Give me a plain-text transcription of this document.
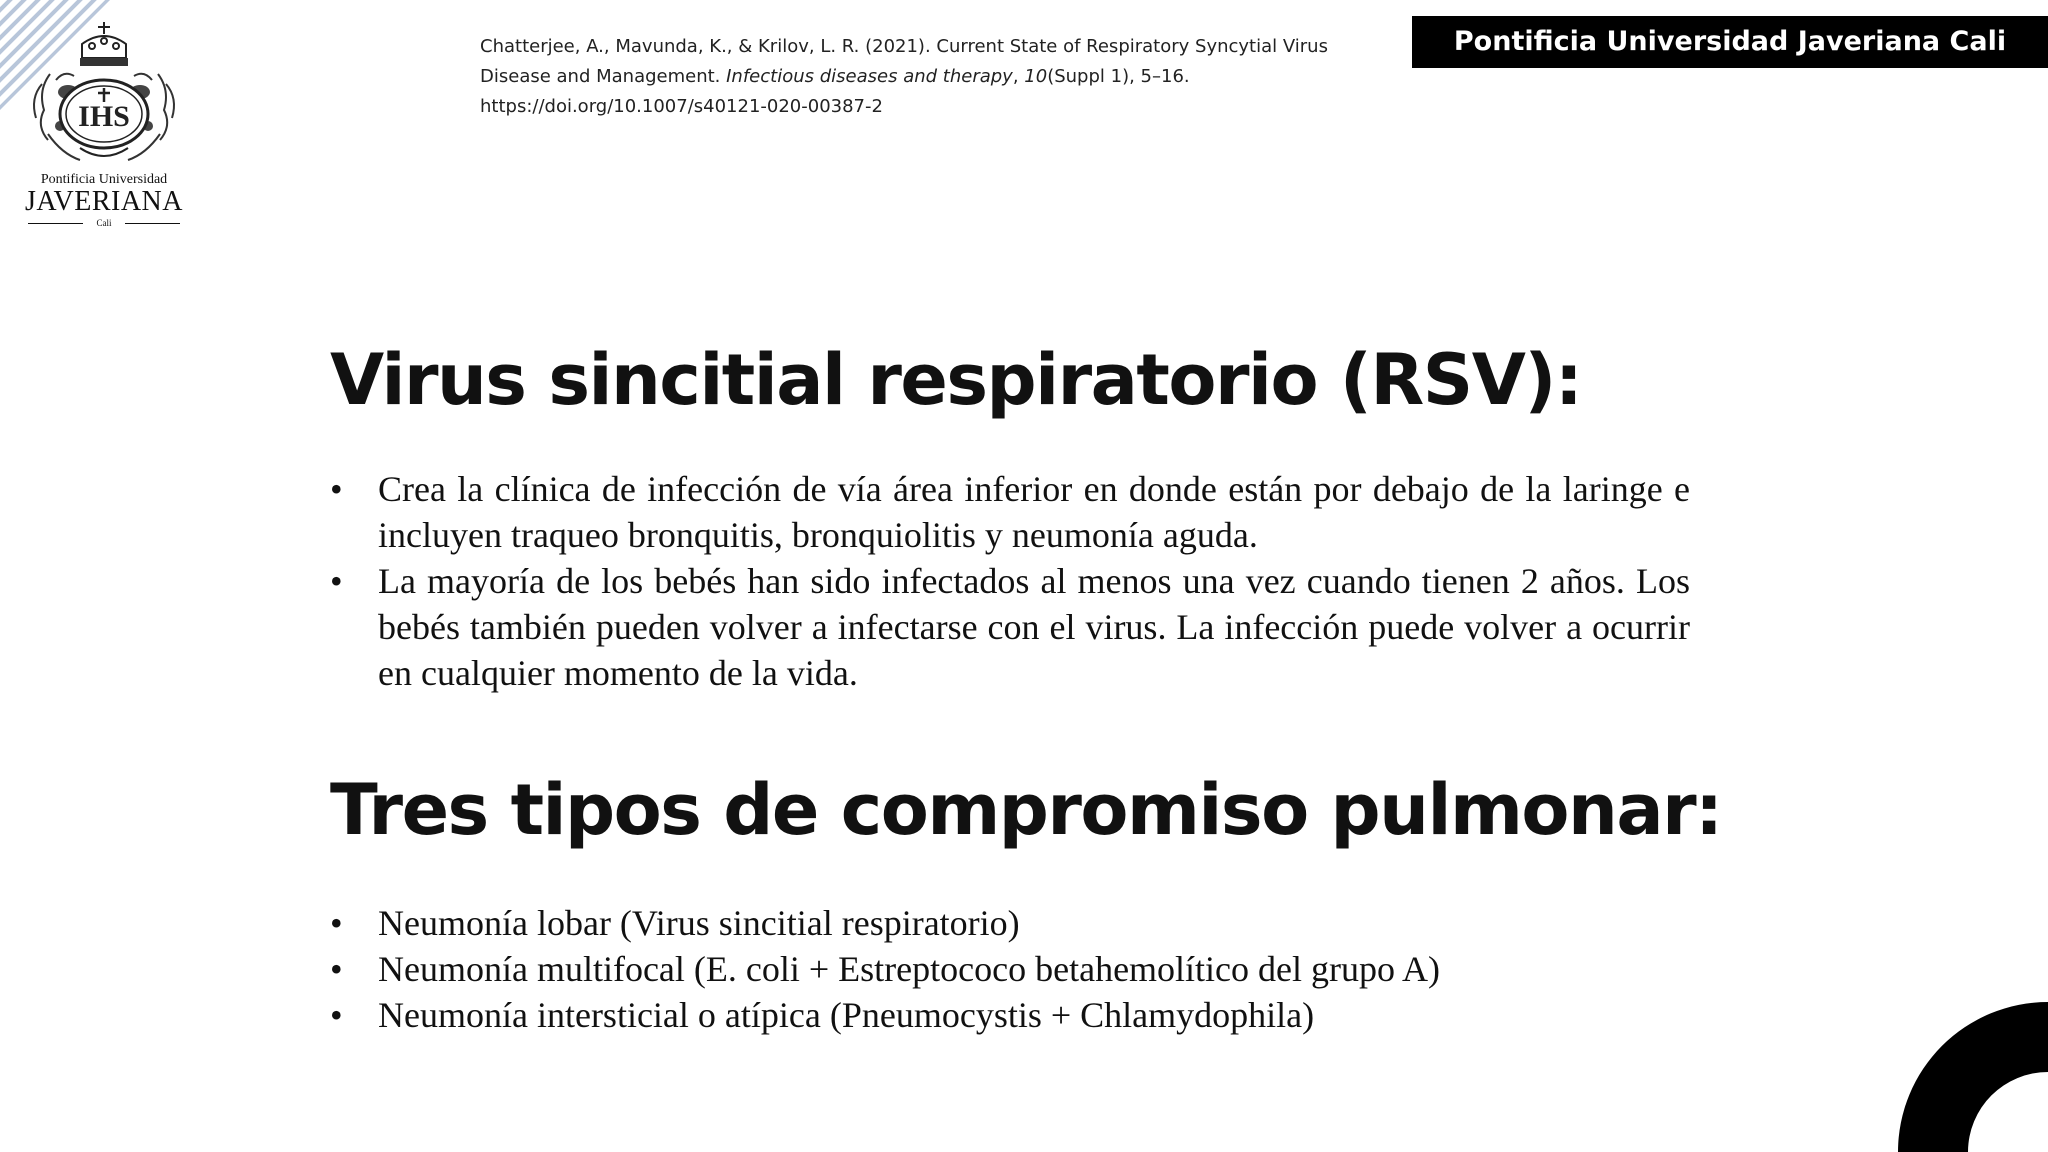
IHS
Pontificia Universidad
JAVERIANA
Cali
Chatterjee, A., Mavunda, K., & Krilov, L. R. (2021). Current State of Respiratory Syncytial Virus Disease and Management. Infectious diseases and therapy, 10(Suppl 1), 5–16.
https://doi.org/10.1007/s40121-020-00387-2
Pontificia Universidad Javeriana Cali
Virus sincitial respiratorio (RSV):
• Crea la clínica de infección de vía área inferior en donde están por debajo de la laringe e incluyen traqueo bronquitis, bronquiolitis y neumonía aguda.
• La mayoría de los bebés han sido infectados al menos una vez cuando tienen 2 años. Los bebés también pueden volver a infectarse con el virus. La infección puede volver a ocurrir en cualquier momento de la vida.
Tres tipos de compromiso pulmonar:
• Neumonía lobar (Virus sincitial respiratorio)
• Neumonía multifocal (E. coli + Estreptococo betahemolítico del grupo A)
• Neumonía intersticial o atípica (Pneumocystis + Chlamydophila)
